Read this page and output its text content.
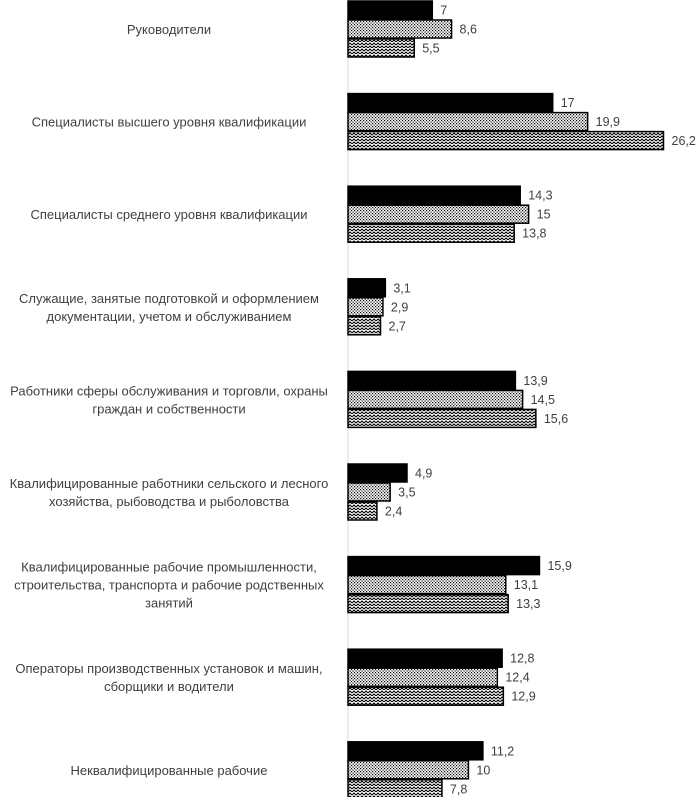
Руководители
Специалисты высшего уровня квалификации
Специалисты среднего уровня квалификации
Служащие, занятые подготовкой и оформлением документации, учетом и обслуживанием
Работники сферы обслуживания и торговли, охраны граждан и собственности
Квалифицированные работники сельского и лесного хозяйства, рыбоводства и рыболовства
Квалифицированные рабочие промышленности, строительства, транспорта и рабочие родственных занятий
Операторы производственных установок и машин, сборщики и водители
Неквалифицированные рабочие
7
8,6
5,5
17
19,9
26,2
14,3
15
13,8
3,1
2,9
2,7
13,9
14,5
15,6
4,9
3,5
2,4
15,9
13,1
13,3
12,8
12,4
12,9
11,2
10
7,8
